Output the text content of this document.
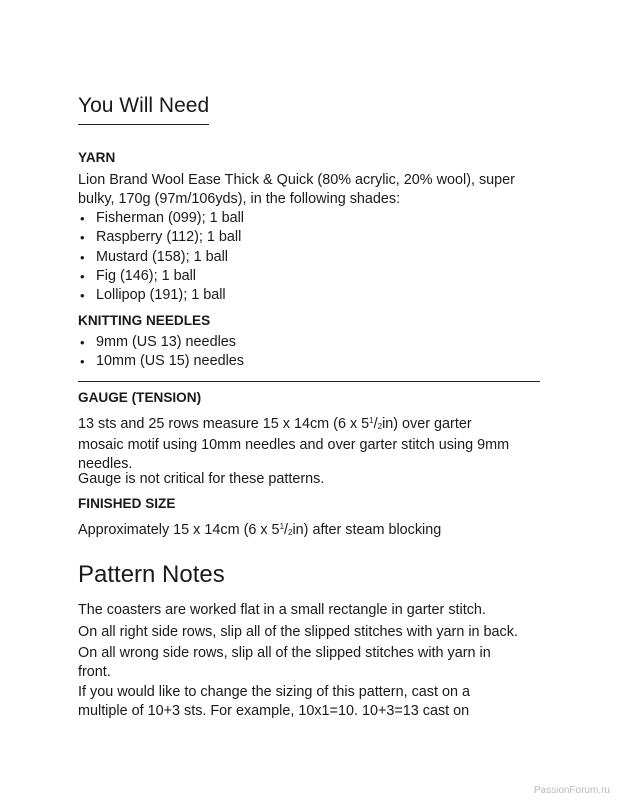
You Will Need
YARN

Lion Brand Wool Ease Thick & Quick (80% acrylic, 20% wool), super
bulky, 170g (97m/106yds), in the following shades:

• Fisherman (099); 1 ball
• Raspberry (112); 1 ball
• Mustard (158); 1 ball
• Fig (146); 1 ball
• Lollipop (191); 1 ball
KNITTING NEEDLES
• 9mm (US 13) needles
• 10mm (US 15) needles
GAUGE (TENSION)

13 sts and 25 rows measure 15 x 14cm (6 x $5^1/2in$) over garter
mosaic motif using 10mm needles and over garter stitch using 9mm
needles.

Gauge is not critical for these patterns.

FINISHED SIZE

Approximately 15 x 14cm (6 x $5^1/2in$) after steam blocking

Pattern Notes

The coasters are worked flat in a small rectangle in garter stitch.

On all right side rows, slip all of the slipped stitches with yarn in back.

On all wrong side rows, slip all of the slipped stitches with yarn in
front.

If you would like to change the sizing of this pattern, cast on a
multiple of 10+3 sts. For example, 10x1=10. 10+3=13 cast on

PassionForum.ru
